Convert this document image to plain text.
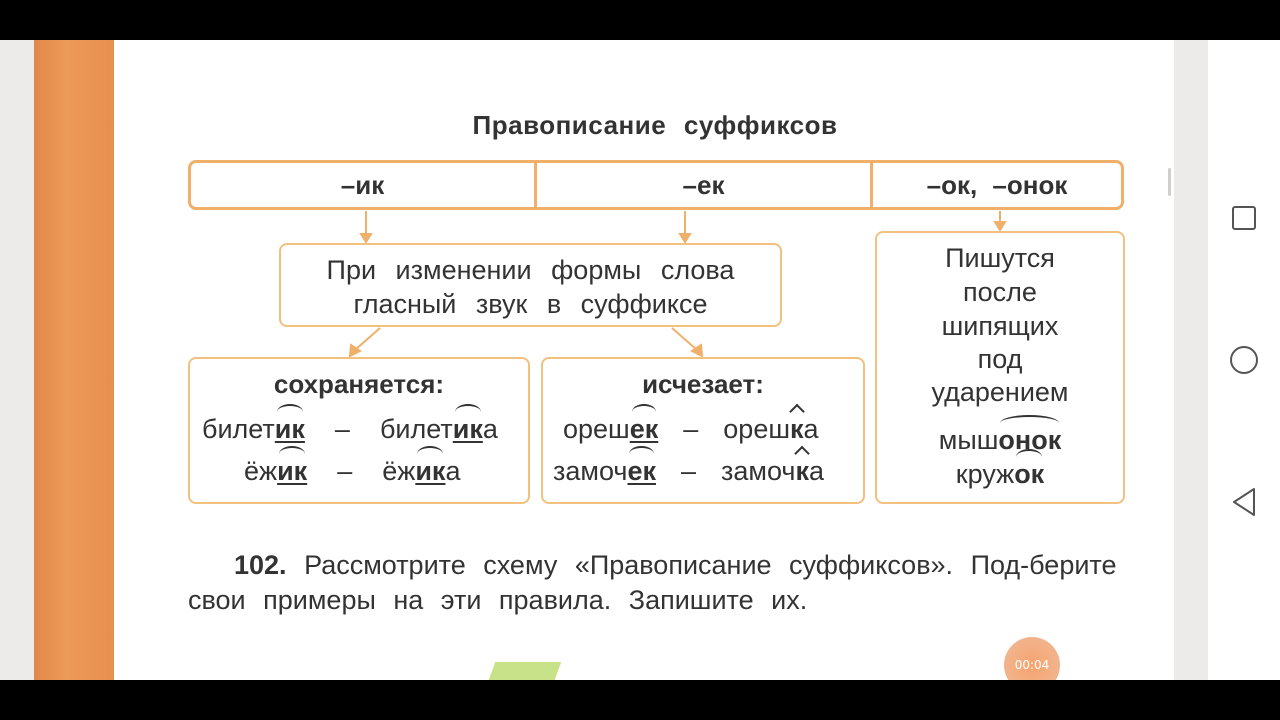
Правописание суффиксов
–ик	–ек	–ок, –онок
При изменении формы слова
гласный звук в суффиксе
сохраняется:
билетик – билетика
ёжик – ёжика
исчезает:
орешек – орешка
замочек – замочка
Пишутся
после
шипящих
под
ударением
мышонок
кружок
102. Рассмотрите схему «Правописание суффиксов». Под-берите свои примеры на эти правила. Запишите их.
00:04
